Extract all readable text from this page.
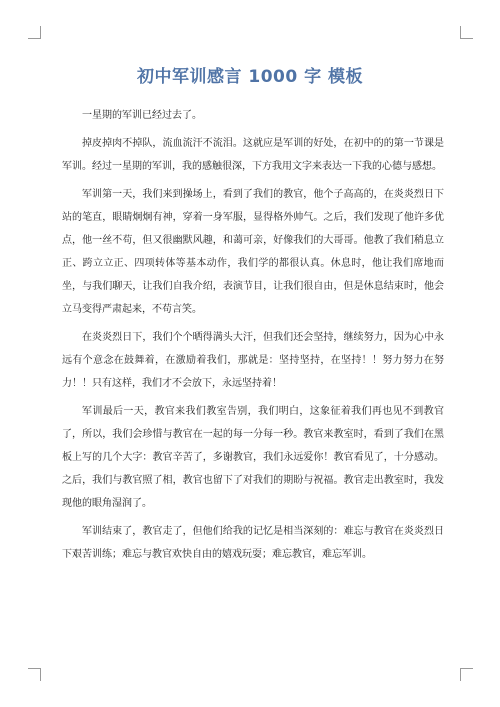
初中军训感言 1000 字 模板

一星期的军训已经过去了。

掉皮掉肉不掉队，流血流汗不流泪。这就应是军训的好处，在初中的的第一节课是军训。经过一星期的军训，我的感触很深，下方我用文字来表达一下我的心德与感想。

军训第一天，我们来到操场上，看到了我们的教官，他个子高高的，在炎炎烈日下站的笔直，眼睛炯炯有神，穿着一身军服，显得格外帅气。之后，我们发现了他许多优点，他一丝不苟，但又很幽默风趣，和蔼可亲，好像我们的大哥哥。他教了我们稍息立正、跨立立正、四项转体等基本动作，我们学的都很认真。休息时，他让我们席地而坐，与我们聊天，让我们自我介绍，表演节目，让我们很自由，但是休息结束时，他会立马变得严肃起来，不苟言笑。

在炎炎烈日下，我们个个晒得满头大汗，但我们还会坚持，继续努力，因为心中永远有个意念在鼓舞着，在激励着我们，那就是：坚持坚持，在坚持！！努力努力在努力！！只有这样，我们才不会放下，永远坚持着！

军训最后一天，教官来我们教室告别，我们明白，这象征着我们再也见不到教官了，所以，我们会珍惜与教官在一起的每一分每一秒。教官来教室时，看到了我们在黑板上写的几个大字：教官辛苦了，多谢教官，我们永远爱你！教官看见了，十分感动。之后，我们与教官照了相，教官也留下了对我们的期盼与祝福。教官走出教室时，我发现他的眼角湿润了。

军训结束了，教官走了，但他们给我的记忆是相当深刻的：难忘与教官在炎炎烈日下艰苦训练；难忘与教官欢快自由的嬉戏玩耍；难忘教官，难忘军训。
